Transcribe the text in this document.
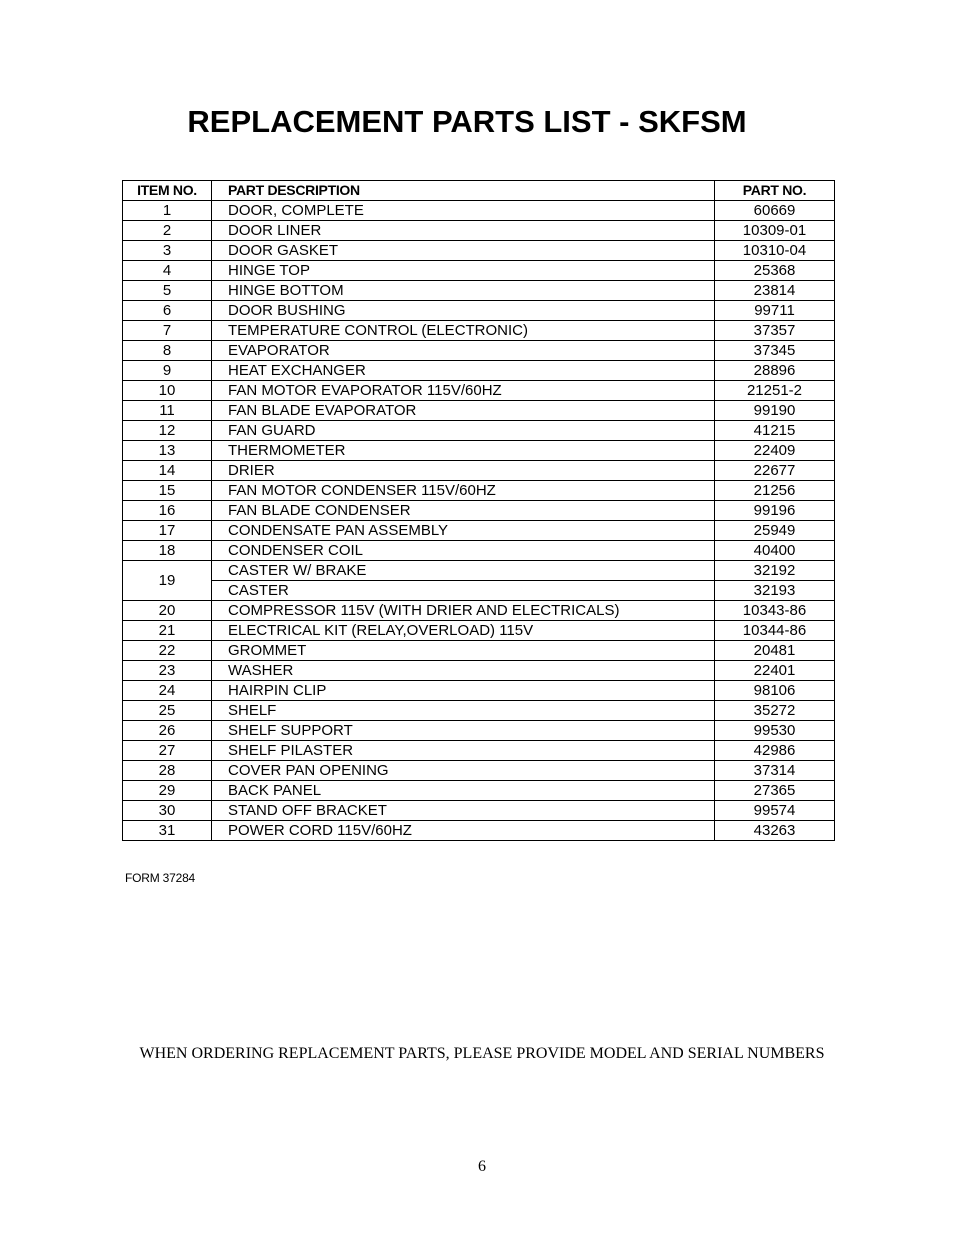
REPLACEMENT PARTS LIST - SKFSM
ITEM NO.	PART DESCRIPTION	PART NO.
1	DOOR, COMPLETE	60669
2	DOOR LINER	10309-01
3	DOOR GASKET	10310-04
4	HINGE TOP	25368
5	HINGE BOTTOM	23814
6	DOOR BUSHING	99711
7	TEMPERATURE CONTROL (ELECTRONIC)	37357
8	EVAPORATOR	37345
9	HEAT EXCHANGER	28896
10	FAN MOTOR EVAPORATOR 115V/60HZ	21251-2
11	FAN BLADE EVAPORATOR	99190
12	FAN GUARD	41215
13	THERMOMETER	22409
14	DRIER	22677
15	FAN MOTOR CONDENSER 115V/60HZ	21256
16	FAN BLADE CONDENSER	99196
17	CONDENSATE PAN ASSEMBLY	25949
18	CONDENSER COIL	40400
19	CASTER W/ BRAKE	32192
	CASTER	32193
20	COMPRESSOR 115V (WITH DRIER AND ELECTRICALS)	10343-86
21	ELECTRICAL KIT (RELAY,OVERLOAD) 115V	10344-86
22	GROMMET	20481
23	WASHER	22401
24	HAIRPIN CLIP	98106
25	SHELF	35272
26	SHELF SUPPORT	99530
27	SHELF PILASTER	42986
28	COVER PAN OPENING	37314
29	BACK PANEL	27365
30	STAND OFF BRACKET	99574
31	POWER CORD 115V/60HZ	43263
FORM 37284
WHEN ORDERING REPLACEMENT PARTS, PLEASE PROVIDE MODEL AND SERIAL NUMBERS
6
